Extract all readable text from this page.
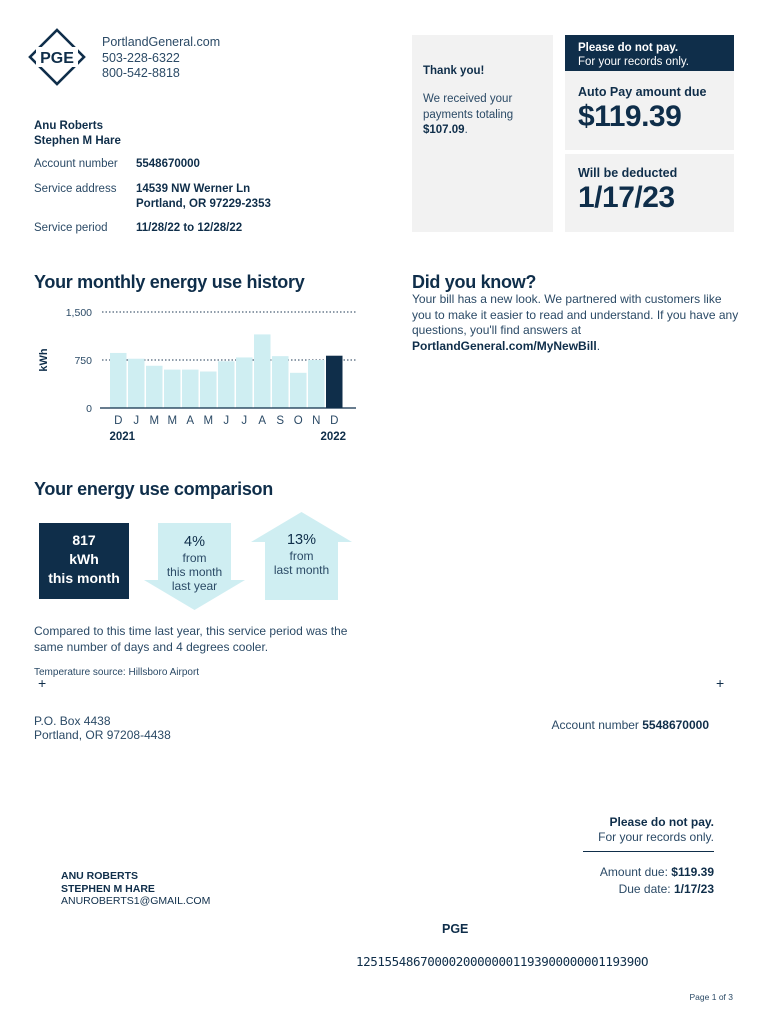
PGE
PortlandGeneral.com
503-228-6322
800-542-8818
Anu Roberts
Stephen M Hare
Account number	5548670000
Service address	14539 NW Werner Ln
Portland, OR 97229-2353
Service period	11/28/22 to 12/28/22
Thank you!
We received your payments totaling $107.09.
Please do not pay.
For your records only.
Auto Pay amount due
$119.39
Will be deducted
1/17/23
Your monthly energy use history
kWh
0
750
1,500
D J M M A M J J A S O N D
2021	2022
Did you know?
Your bill has a new look. We partnered with customers like you to make it easier to read and understand. If you have any questions, you'll find answers at PortlandGeneral.com/MyNewBill.
Your energy use comparison
817
kWh
this month
4%
from
this month
last year
13%
from
last month
Compared to this time last year, this service period was the same number of days and 4 degrees cooler.
Temperature source: Hillsboro Airport
+	+
P.O. Box 4438
Portland, OR 97208-4438
Account number 5548670000
Please do not pay.
For your records only.
Amount due: $119.39
Due date: 1/17/23
ANU ROBERTS
STEPHEN M HARE
ANUROBERTS1@GMAIL.COM
PGE
1251554867000020000000119390000000119390O
Page 1 of 3
